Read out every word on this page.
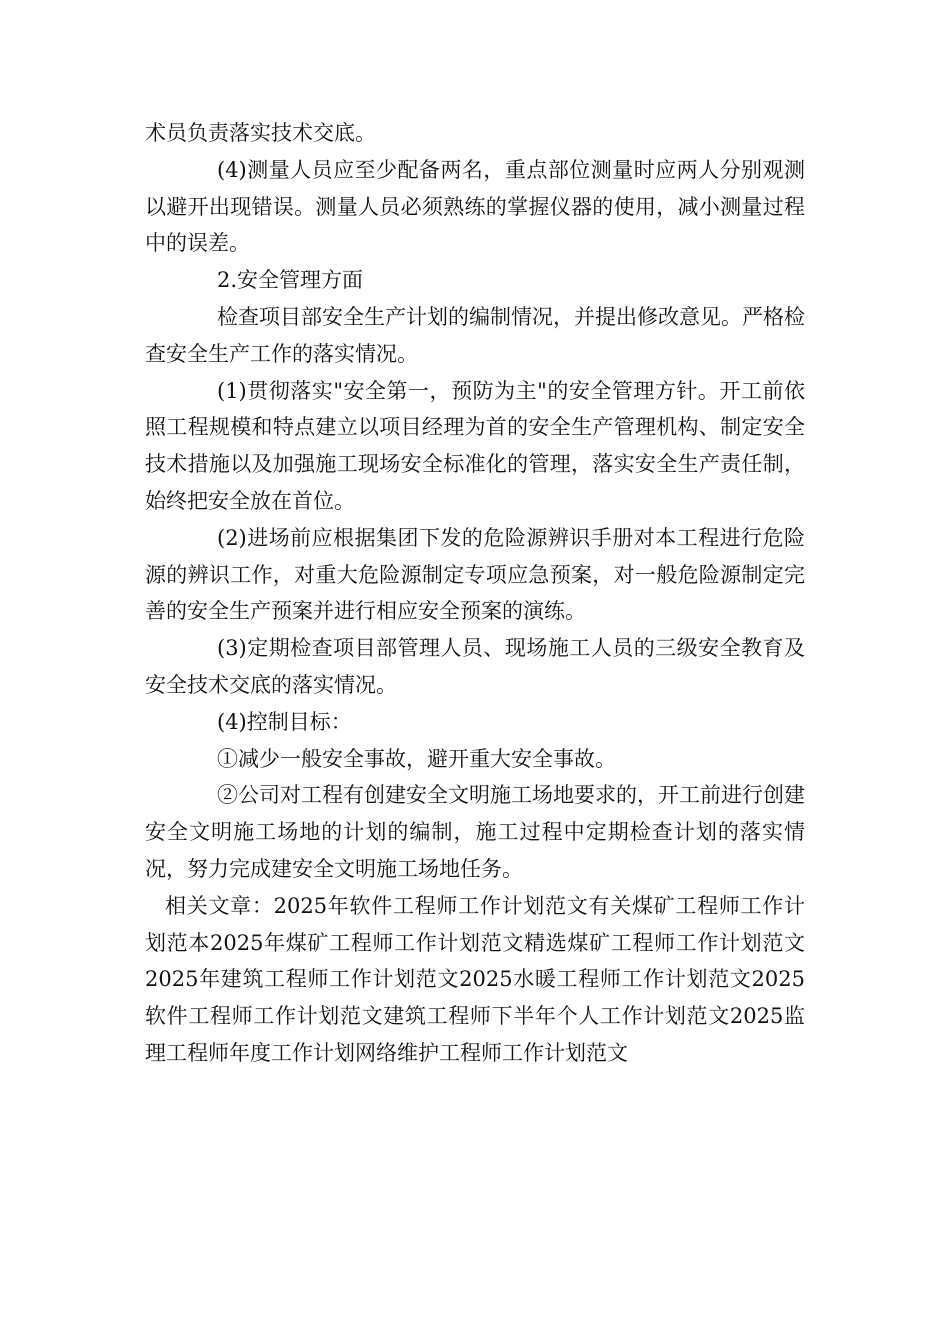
术员负责落实技术交底。

(4)测量人员应至少配备两名，重点部位测量时应两人分别观测以避开出现错误。测量人员必须熟练的掌握仪器的使用，减小测量过程中的误差。

2.安全管理方面

检查项目部安全生产计划的编制情况，并提出修改意见。严格检查安全生产工作的落实情况。

(1)贯彻落实"安全第一，预防为主"的安全管理方针。开工前依照工程规模和特点建立以项目经理为首的安全生产管理机构、制定安全技术措施以及加强施工现场安全标准化的管理，落实安全生产责任制，始终把安全放在首位。

(2)进场前应根据集团下发的危险源辨识手册对本工程进行危险源的辨识工作，对重大危险源制定专项应急预案，对一般危险源制定完善的安全生产预案并进行相应安全预案的演练。

(3)定期检查项目部管理人员、现场施工人员的三级安全教育及安全技术交底的落实情况。

(4)控制目标：

①减少一般安全事故，避开重大安全事故。

②公司对工程有创建安全文明施工场地要求的，开工前进行创建安全文明施工场地的计划的编制，施工过程中定期检查计划的落实情况，努力完成建安全文明施工场地任务。

相关文章：2025年软件工程师工作计划范文有关煤矿工程师工作计划范本2025年煤矿工程师工作计划范文精选煤矿工程师工作计划范文2025年建筑工程师工作计划范文2025水暖工程师工作计划范文2025软件工程师工作计划范文建筑工程师下半年个人工作计划范文2025监理工程师年度工作计划网络维护工程师工作计划范文
